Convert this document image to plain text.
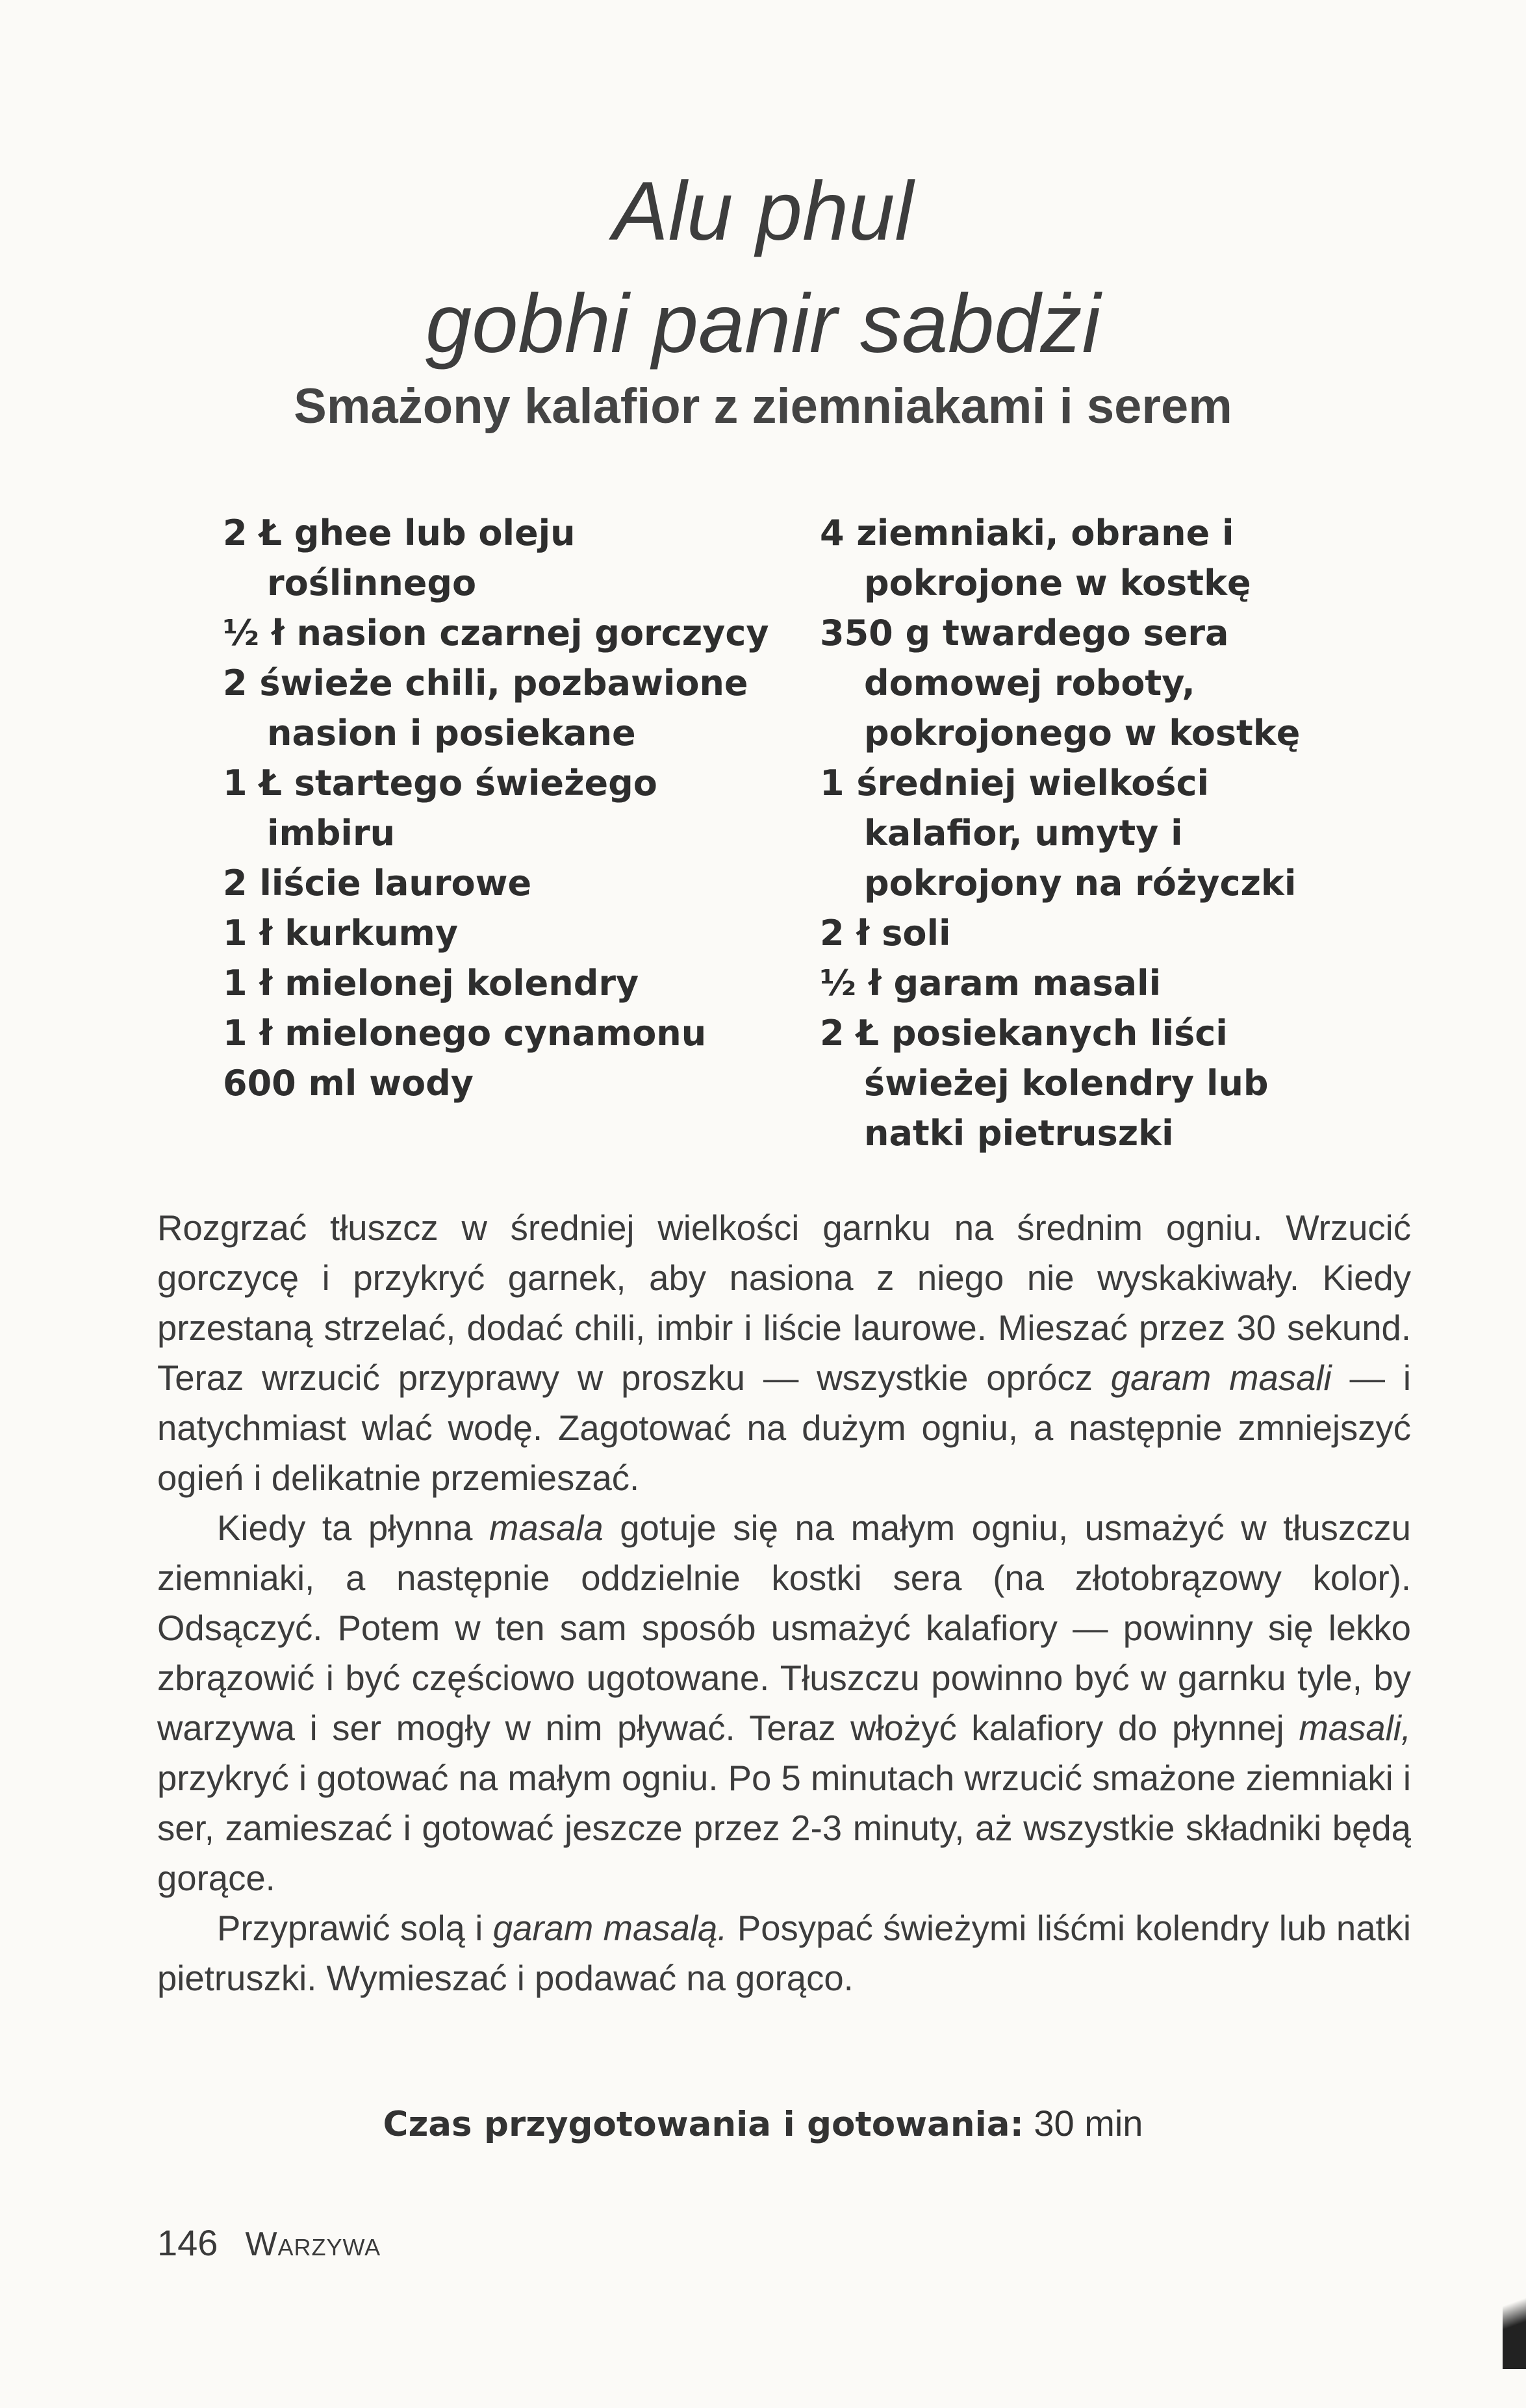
Alu phul
gobhi panir sabdżi
Smażony kalafior z ziemniakami i serem
2 Ł ghee lub oleju roślinnego
½ ł nasion czarnej gorczycy
2 świeże chili, pozbawione nasion i posiekane
1 Ł startego świeżego imbiru
2 liście laurowe
1 ł kurkumy
1 ł mielonej kolendry
1 ł mielonego cynamonu
600 ml wody
4 ziemniaki, obrane i pokrojone w kostkę
350 g twardego sera domowej roboty, pokrojonego w kostkę
1 średniej wielkości kalafior, umyty i pokrojony na różyczki
2 ł soli
½ ł garam masali
2 Ł posiekanych liści świeżej kolendry lub natki pietruszki

Rozgrzać tłuszcz w średniej wielkości garnku na średnim ogniu. Wrzucić gorczycę i przykryć garnek, aby nasiona z niego nie wyskakiwały. Kiedy przestaną strzelać, dodać chili, imbir i liście laurowe. Mieszać przez 30 sekund. Teraz wrzucić przyprawy w proszku — wszystkie oprócz garam masali — i natychmiast wlać wodę. Zagotować na dużym ogniu, a następnie zmniejszyć ogień i delikatnie przemieszać.

Kiedy ta płynna masala gotuje się na małym ogniu, usmażyć w tłuszczu ziemniaki, a następnie oddzielnie kostki sera (na złotobrązowy kolor). Odsączyć. Potem w ten sam sposób usmażyć kalafiory — powinny się lekko zbrązowić i być częściowo ugotowane. Tłuszczu powinno być w garnku tyle, by warzywa i ser mogły w nim pływać. Teraz włożyć kalafiory do płynnej masali, przykryć i gotować na małym ogniu. Po 5 minutach wrzucić smażone ziemniaki i ser, zamieszać i gotować jeszcze przez 2-3 minuty, aż wszystkie składniki będą gorące.

Przyprawić solą i garam masalą. Posypać świeżymi liśćmi kolendry lub natki pietruszki. Wymieszać i podawać na gorąco.

Czas przygotowania i gotowania: 30 min

146 Warzywa
